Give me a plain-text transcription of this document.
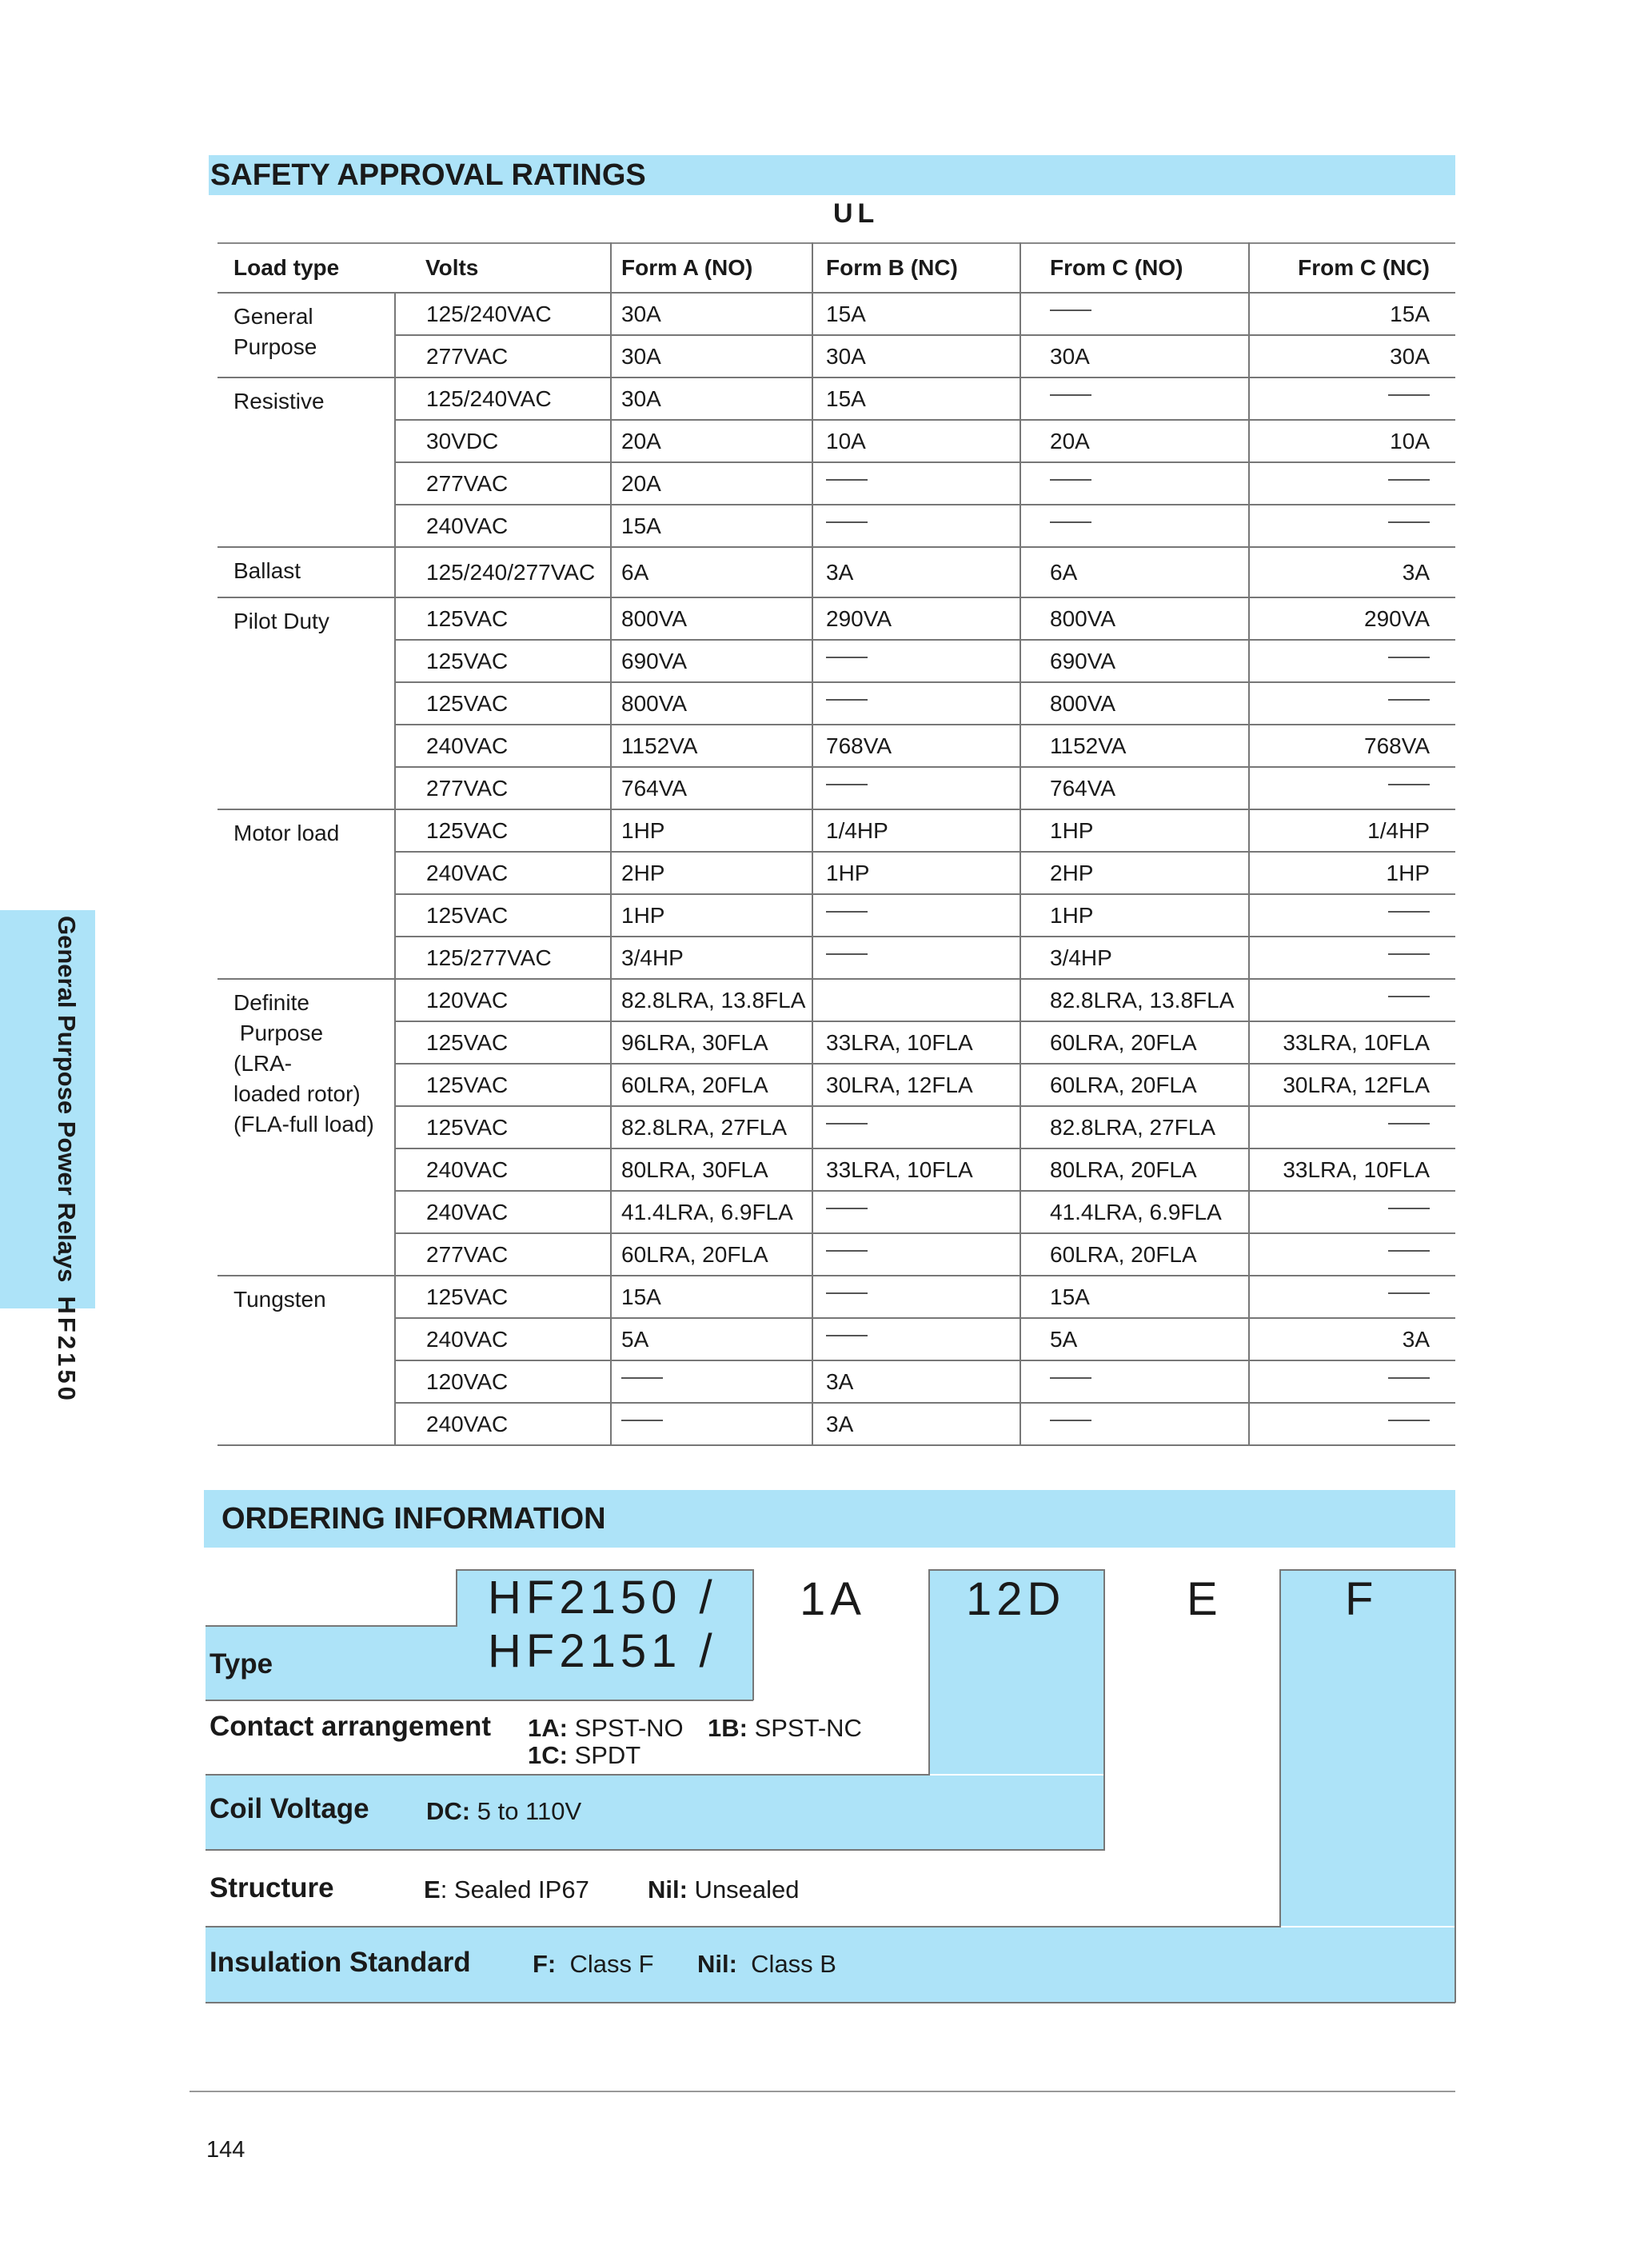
General Purpose Power Relays  HF2150
SAFETY APPROVAL RATINGS
UL
Load type	Volts	Form A (NO)	Form B (NC)	From C (NO)	From C (NC)
General
Purpose	125/240VAC	30A	15A		15A
	277VAC	30A	30A	30A	30A
Resistive	125/240VAC	30A	15A		
	30VDC	20A	10A	20A	10A
	277VAC	20A			
	240VAC	15A			
Ballast	125/240/277VAC	6A	3A	6A	3A
Pilot Duty	125VAC	800VA	290VA	800VA	290VA
	125VAC	690VA		690VA	
	125VAC	800VA		800VA	
	240VAC	1152VA	768VA	1152VA	768VA
	277VAC	764VA		764VA	
Motor load	125VAC	1HP	1/4HP	1HP	1/4HP
	240VAC	2HP	1HP	2HP	1HP
	125VAC	1HP		1HP	
	125/277VAC	3/4HP		3/4HP	
Definite
Purpose
(LRA-
loaded rotor)
(FLA-full load)	120VAC	82.8LRA, 13.8FLA		82.8LRA, 13.8FLA	
	125VAC	96LRA, 30FLA	33LRA, 10FLA	60LRA, 20FLA	33LRA, 10FLA
	125VAC	60LRA, 20FLA	30LRA, 12FLA	60LRA, 20FLA	30LRA, 12FLA
	125VAC	82.8LRA, 27FLA		82.8LRA, 27FLA	
	240VAC	80LRA, 30FLA	33LRA, 10FLA	80LRA, 20FLA	33LRA, 10FLA
	240VAC	41.4LRA, 6.9FLA		41.4LRA, 6.9FLA	
	277VAC	60LRA, 20FLA		60LRA, 20FLA	
Tungsten	125VAC	15A		15A	
	240VAC	5A		5A	3A
	120VAC		3A		
	240VAC		3A		
ORDERING INFORMATION
HF2150 /
HF2151 /
1A 12D	E	F
Type
Contact arrangement 1A: SPST-NO 1B: SPST-NC
1C: SPDT
Coil Voltage DC: 5 to 110V
Structure	E: Sealed IP67 Nil: Unsealed
Insulation Standard F:  Class F Nil:  Class B
144
